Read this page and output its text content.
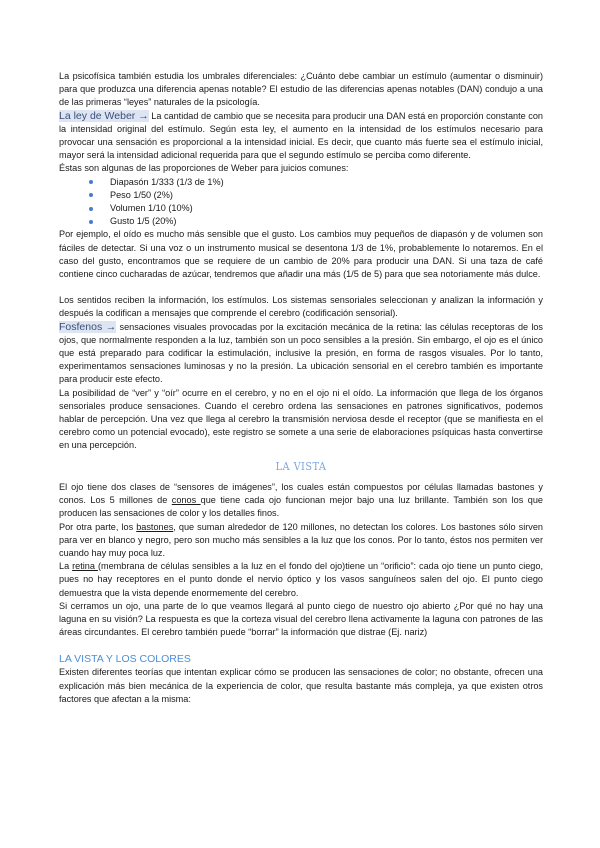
La psicofísica también estudia los umbrales diferenciales: ¿Cuánto debe cambiar un estímulo (aumentar o disminuir) para que produzca una diferencia apenas notable? El estudio de las diferencias apenas notables (DAN) condujo a una de las primeras “leyes” naturales de la psicología.

La ley de Weber → La cantidad de cambio que se necesita para producir una DAN está en proporción constante con la intensidad original del estímulo. Según esta ley, el aumento en la intensidad de los estímulos necesario para provocar una sensación es proporcional a la intensidad inicial. Es decir, que cuanto más fuerte sea el estímulo inicial, mayor será la intensidad adicional requerida para que el segundo estímulo se perciba como diferente.

Éstas son algunas de las proporciones de Weber para juicios comunes:

Diapasón 1/333 (1/3 de 1%)
Peso 1/50 (2%)
Volumen 1/10 (10%)
Gusto 1/5 (20%)

Por ejemplo, el oído es mucho más sensible que el gusto. Los cambios muy pequeños de diapasón y de volumen son fáciles de detectar. Si una voz o un instrumento musical se desentona 1/3 de 1%, probablemente lo notaremos. En el caso del gusto, encontramos que se requiere de un cambio de 20% para producir una DAN. Si una taza de café contiene cinco cucharadas de azúcar, tendremos que añadir una más (1/5 de 5) para que sea notoriamente más dulce.

Los sentidos reciben la información, los estímulos. Los sistemas sensoriales seleccionan y analizan la información y después la codifican a mensajes que comprende el cerebro (codificación sensorial).

Fosfenos → sensaciones visuales provocadas por la excitación mecánica de la retina: las células receptoras de los ojos, que normalmente responden a la luz, también son un poco sensibles a la presión. Sin embargo, el ojo es el único que está preparado para codificar la estimulación, inclusive la presión, en forma de rasgos visuales. Por lo tanto, experimentamos sensaciones luminosas y no la presión. La ubicación sensorial en el cerebro también es importante para producir este efecto.

La posibilidad de “ver” y “oír” ocurre en el cerebro, y no en el ojo ni el oído. La información que llega de los órganos sensoriales produce sensaciones. Cuando el cerebro ordena las sensaciones en patrones significativos, podemos hablar de percepción. Una vez que llega al cerebro la transmisión nerviosa desde el receptor (que se manifiesta en el cerebro como un potencial evocado), este registro se somete a una serie de elaboraciones psíquicas hasta convertirse en una percepción.

LA VISTA

El ojo tiene dos clases de “sensores de imágenes”, los cuales están compuestos por células llamadas bastones y conos. Los 5 millones de conos que tiene cada ojo funcionan mejor bajo una luz brillante. También son los que producen las sensaciones de color y los detalles finos.

Por otra parte, los bastones, que suman alrededor de 120 millones, no detectan los colores. Los bastones sólo sirven para ver en blanco y negro, pero son mucho más sensibles a la luz que los conos. Por lo tanto, éstos nos permiten ver cuando hay muy poca luz.

La retina (membrana de células sensibles a la luz en el fondo del ojo)tiene un “orificio”: cada ojo tiene un punto ciego, pues no hay receptores en el punto donde el nervio óptico y los vasos sanguíneos salen del ojo. El punto ciego demuestra que la vista depende enormemente del cerebro.

Si cerramos un ojo, una parte de lo que veamos llegará al punto ciego de nuestro ojo abierto ¿Por qué no hay una laguna en su visión? La respuesta es que la corteza visual del cerebro llena activamente la laguna con patrones de las áreas circundantes. El cerebro también puede “borrar” la información que distrae (Ej. nariz)

LA VISTA Y LOS COLORES

Existen diferentes teorías que intentan explicar cómo se producen las sensaciones de color; no obstante, ofrecen una explicación más bien mecánica de la experiencia de color, que resulta bastante más compleja, ya que existen otros factores que afectan a la misma:
